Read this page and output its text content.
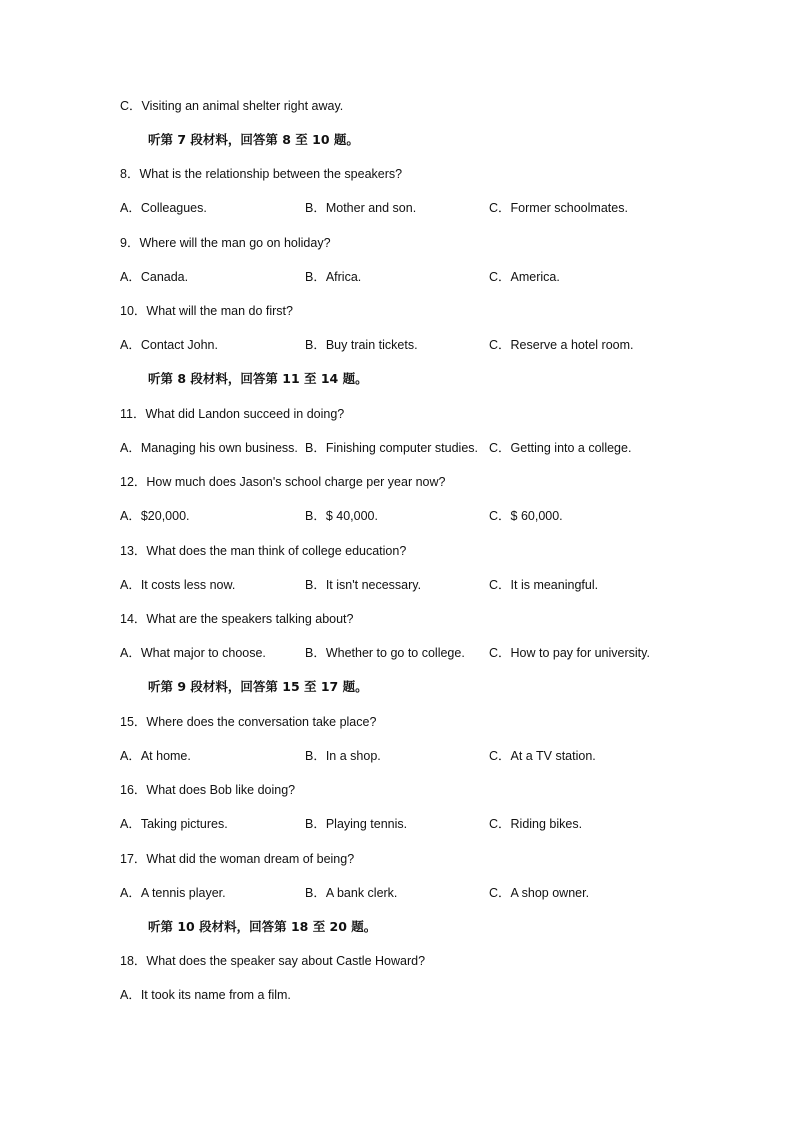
C．Visiting an animal shelter right away.
听第 7 段材料，回答第 8 至 10 题。
8．What is the relationship between the speakers?
A．Colleagues.	B．Mother and son.	C．Former schoolmates.
9．Where will the man go on holiday?
A．Canada.	B．Africa.	C．America.
10．What will the man do first?
A．Contact John.	B．Buy train tickets.	C．Reserve a hotel room.
听第 8 段材料，回答第 11 至 14 题。
11．What did Landon succeed in doing?
A．Managing his own business. B．Finishing computer studies. C．Getting into a college.
12．How much does Jason's school charge per year now?
A．$20,000.	B．$ 40,000.	C．$ 60,000.
13．What does the man think of college education?
A．It costs less now.	B．It isn't necessary.	C．It is meaningful.
14．What are the speakers talking about?
A．What major to choose.	B．Whether to go to college. C．How to pay for university.
听第 9 段材料，回答第 15 至 17 题。
15．Where does the conversation take place?
A．At home.	B．In a shop.	C．At a TV station.
16．What does Bob like doing?
A．Taking pictures.	B．Playing tennis.	C．Riding bikes.
17．What did the woman dream of being?
A．A tennis player.	B．A bank clerk.	C．A shop owner.
听第 10 段材料，回答第 18 至 20 题。
18．What does the speaker say about Castle Howard?
A．It took its name from a film.
